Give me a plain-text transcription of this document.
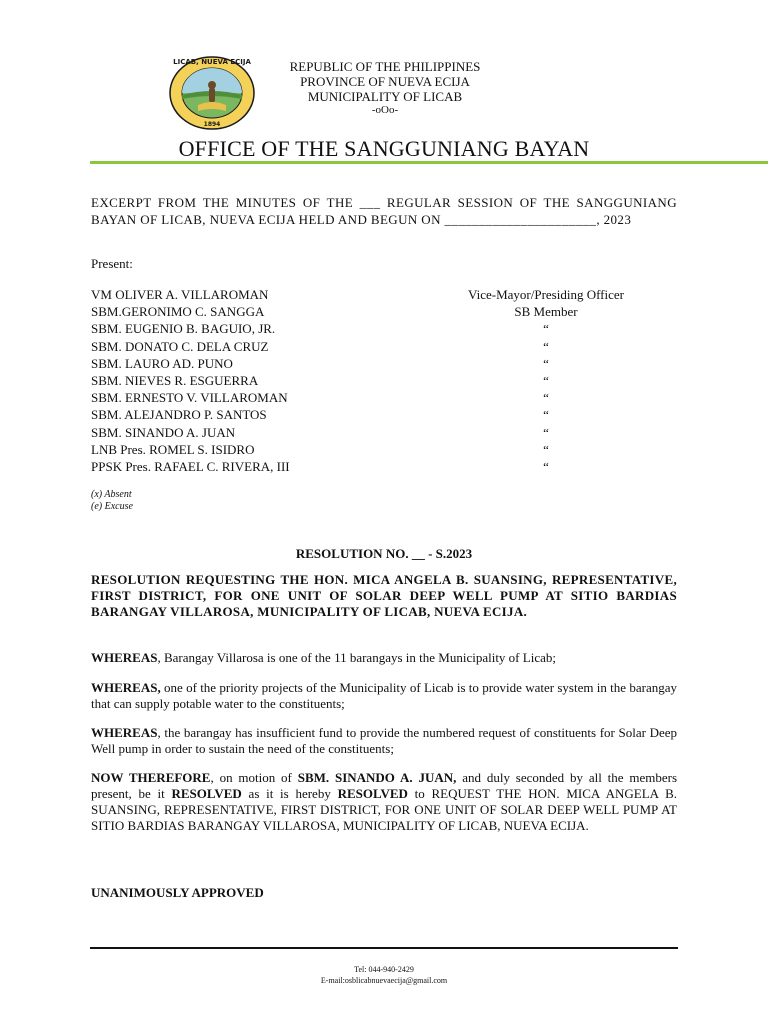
LICAB, NUEVA ECIJA
1894
REPUBLIC OF THE PHILIPPINES
PROVINCE OF NUEVA ECIJA
MUNICIPALITY OF LICAB
-oOo-
OFFICE OF THE SANGGUNIANG BAYAN
EXCERPT FROM THE MINUTES OF THE ___ REGULAR SESSION OF THE SANGGUNIANG BAYAN OF LICAB, NUEVA ECIJA HELD AND BEGUN ON ______________________, 2023
Present:
VM OLIVER A. VILLAROMAN	Vice-Mayor/Presiding Officer
SBM.GERONIMO C. SANGGA	SB Member
SBM. EUGENIO B. BAGUIO, JR.	“
SBM. DONATO C. DELA CRUZ	“
SBM. LAURO AD. PUNO	“
SBM. NIEVES R. ESGUERRA	“
SBM. ERNESTO V. VILLAROMAN	“
SBM. ALEJANDRO P. SANTOS	“
SBM. SINANDO A. JUAN	“
LNB Pres. ROMEL S. ISIDRO	“
PPSK Pres. RAFAEL C. RIVERA, III	“
(x) Absent
(e) Excuse
RESOLUTION NO. __ - S.2023
RESOLUTION REQUESTING THE HON. MICA ANGELA B. SUANSING, REPRESENTATIVE, FIRST DISTRICT, FOR ONE UNIT OF SOLAR DEEP WELL PUMP AT SITIO BARDIAS BARANGAY VILLAROSA, MUNICIPALITY OF LICAB, NUEVA ECIJA.
WHEREAS, Barangay Villarosa is one of the 11 barangays in the Municipality of Licab;
WHEREAS, one of the priority projects of the Municipality of Licab is to provide water system in the barangay that can supply potable water to the constituents;
WHEREAS, the barangay has insufficient fund to provide the numbered request of constituents for Solar Deep Well pump in order to sustain the need of the constituents;
NOW THEREFORE, on motion of SBM. SINANDO A. JUAN, and duly seconded by all the members present, be it RESOLVED as it is hereby RESOLVED to REQUEST THE HON. MICA ANGELA B. SUANSING, REPRESENTATIVE, FIRST DISTRICT, FOR ONE UNIT OF SOLAR DEEP WELL PUMP AT SITIO BARDIAS BARANGAY VILLAROSA, MUNICIPALITY OF LICAB, NUEVA ECIJA.
UNANIMOUSLY APPROVED
Tel: 044-940-2429
E-mail:osblicabnuevaecija@gmail.com
